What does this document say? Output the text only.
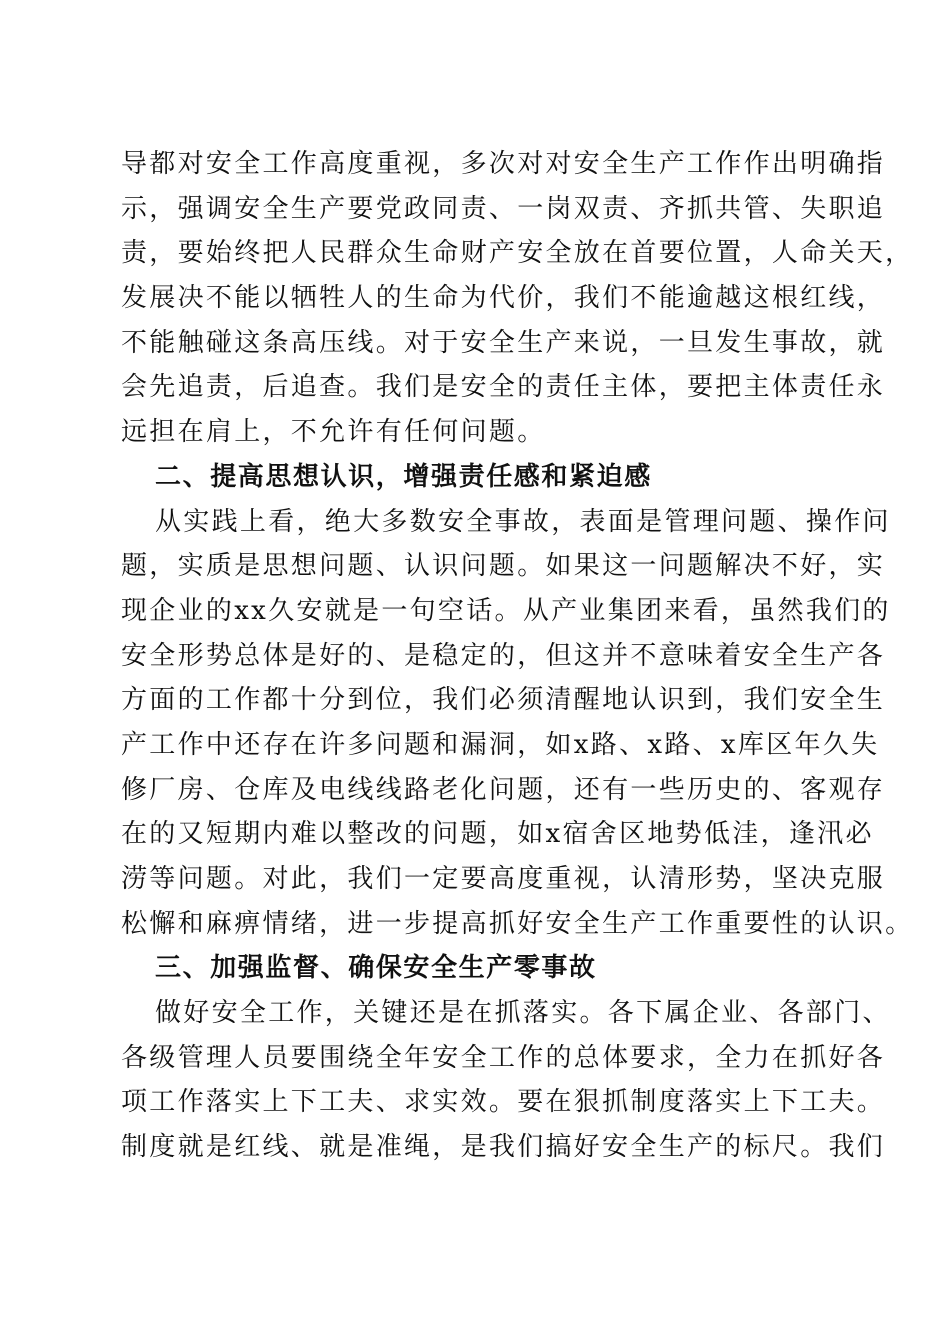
导都对安全工作高度重视，多次对对安全生产工作作出明确指
示，强调安全生产要党政同责、一岗双责、齐抓共管、失职追
责，要始终把人民群众生命财产安全放在首要位置，人命关天，
发展决不能以牺牲人的生命为代价，我们不能逾越这根红线，
不能触碰这条高压线。对于安全生产来说，一旦发生事故，就
会先追责，后追查。我们是安全的责任主体，要把主体责任永
远担在肩上，不允许有任何问题。
二、提高思想认识，增强责任感和紧迫感
从实践上看，绝大多数安全事故，表面是管理问题、操作问
题，实质是思想问题、认识问题。如果这一问题解决不好，实
现企业的xx久安就是一句空话。从产业集团来看，虽然我们的
安全形势总体是好的、是稳定的，但这并不意味着安全生产各
方面的工作都十分到位，我们必须清醒地认识到，我们安全生
产工作中还存在许多问题和漏洞，如x路、x路、x库区年久失
修厂房、仓库及电线线路老化问题，还有一些历史的、客观存
在的又短期内难以整改的问题，如x宿舍区地势低洼，逢汛必
涝等问题。对此，我们一定要高度重视，认清形势，坚决克服
松懈和麻痹情绪，进一步提高抓好安全生产工作重要性的认识。
三、加强监督、确保安全生产零事故
做好安全工作，关键还是在抓落实。各下属企业、各部门、
各级管理人员要围绕全年安全工作的总体要求，全力在抓好各
项工作落实上下工夫、求实效。要在狠抓制度落实上下工夫。
制度就是红线、就是准绳，是我们搞好安全生产的标尺。我们
